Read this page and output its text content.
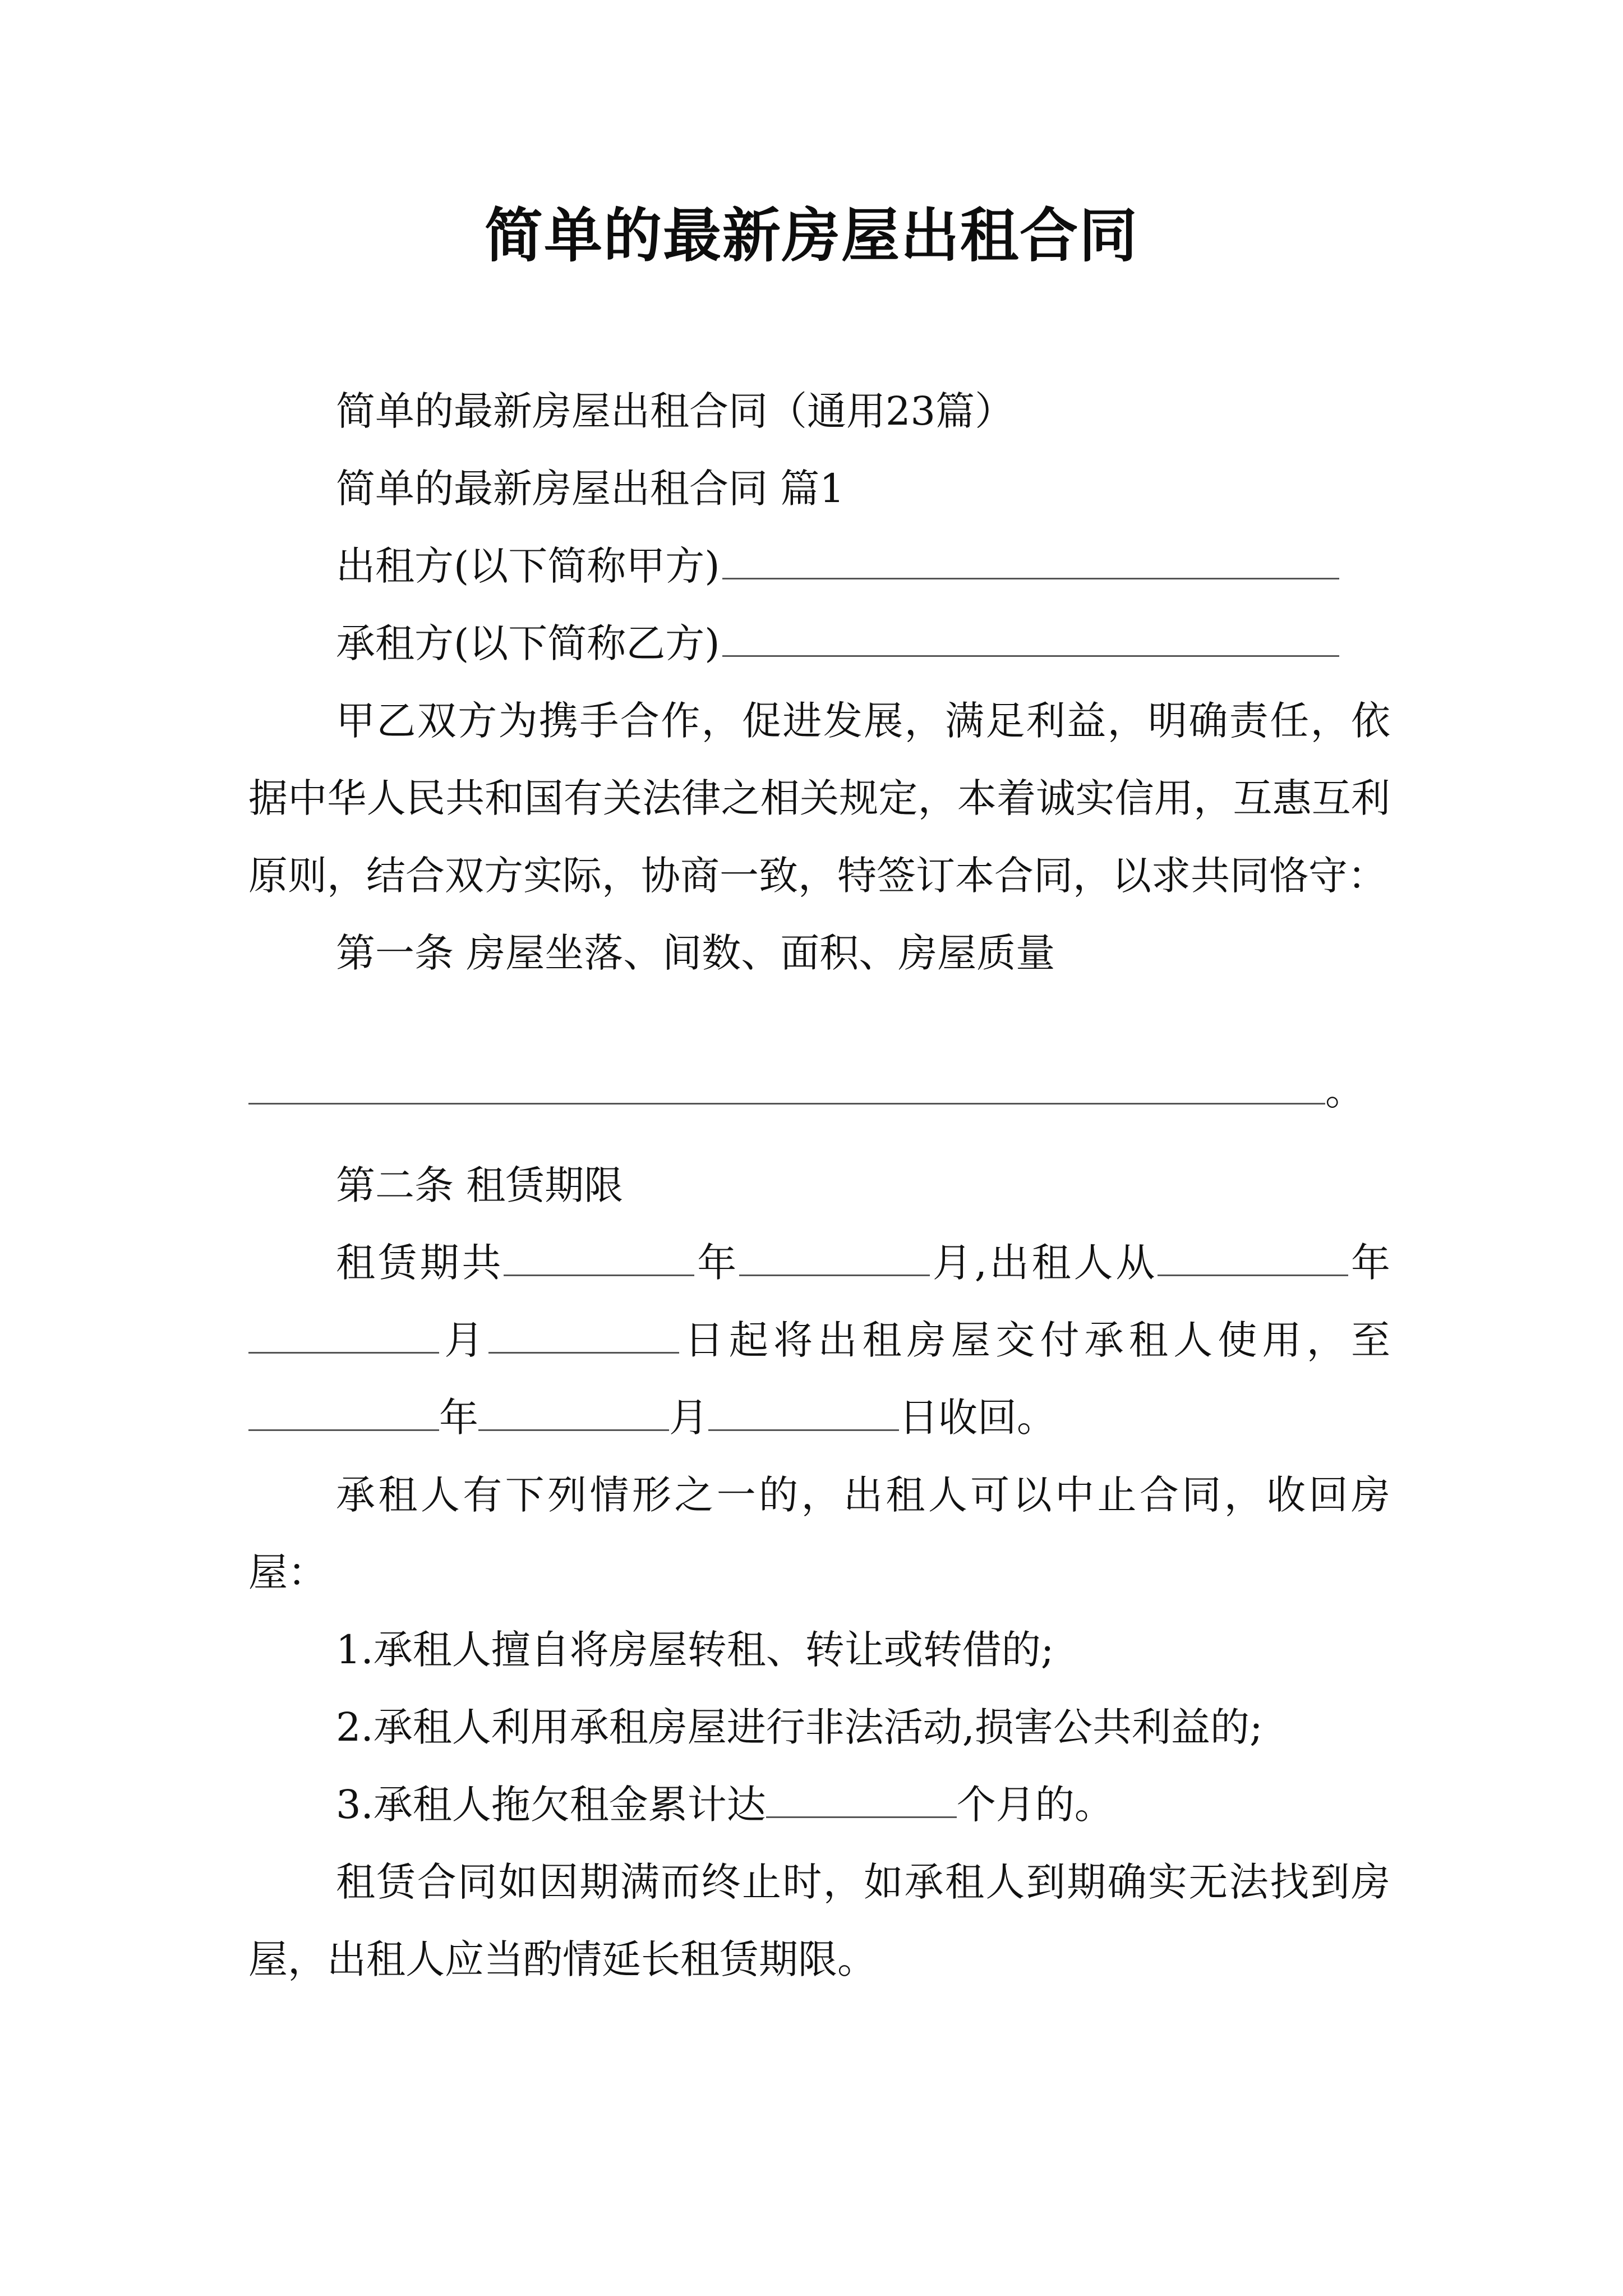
简单的最新房屋出租合同

简单的最新房屋出租合同（通用23篇）

简单的最新房屋出租合同 篇1

出租方(以下简称甲方)

承租方(以下简称乙方)

甲乙双方为携手合作，促进发展，满足利益，明确责任，依据中华人民共和国有关法律之相关规定，本着诚实信用，互惠互利原则，结合双方实际，协商一致，特签订本合同，以求共同恪守：

第一条 房屋坐落、间数、面积、房屋质量

。

第二条 租赁期限

租赁期共	年	月,出租人从	年月	日起将出租房屋交付承租人使用，至年	月	日收回。

承租人有下列情形之一的，出租人可以中止合同，收回房屋：

1.承租人擅自将房屋转租、转让或转借的;

2.承租人利用承租房屋进行非法活动,损害公共利益的;

3.承租人拖欠租金累计达	个月的。

租赁合同如因期满而终止时，如承租人到期确实无法找到房屋，出租人应当酌情延长租赁期限。
